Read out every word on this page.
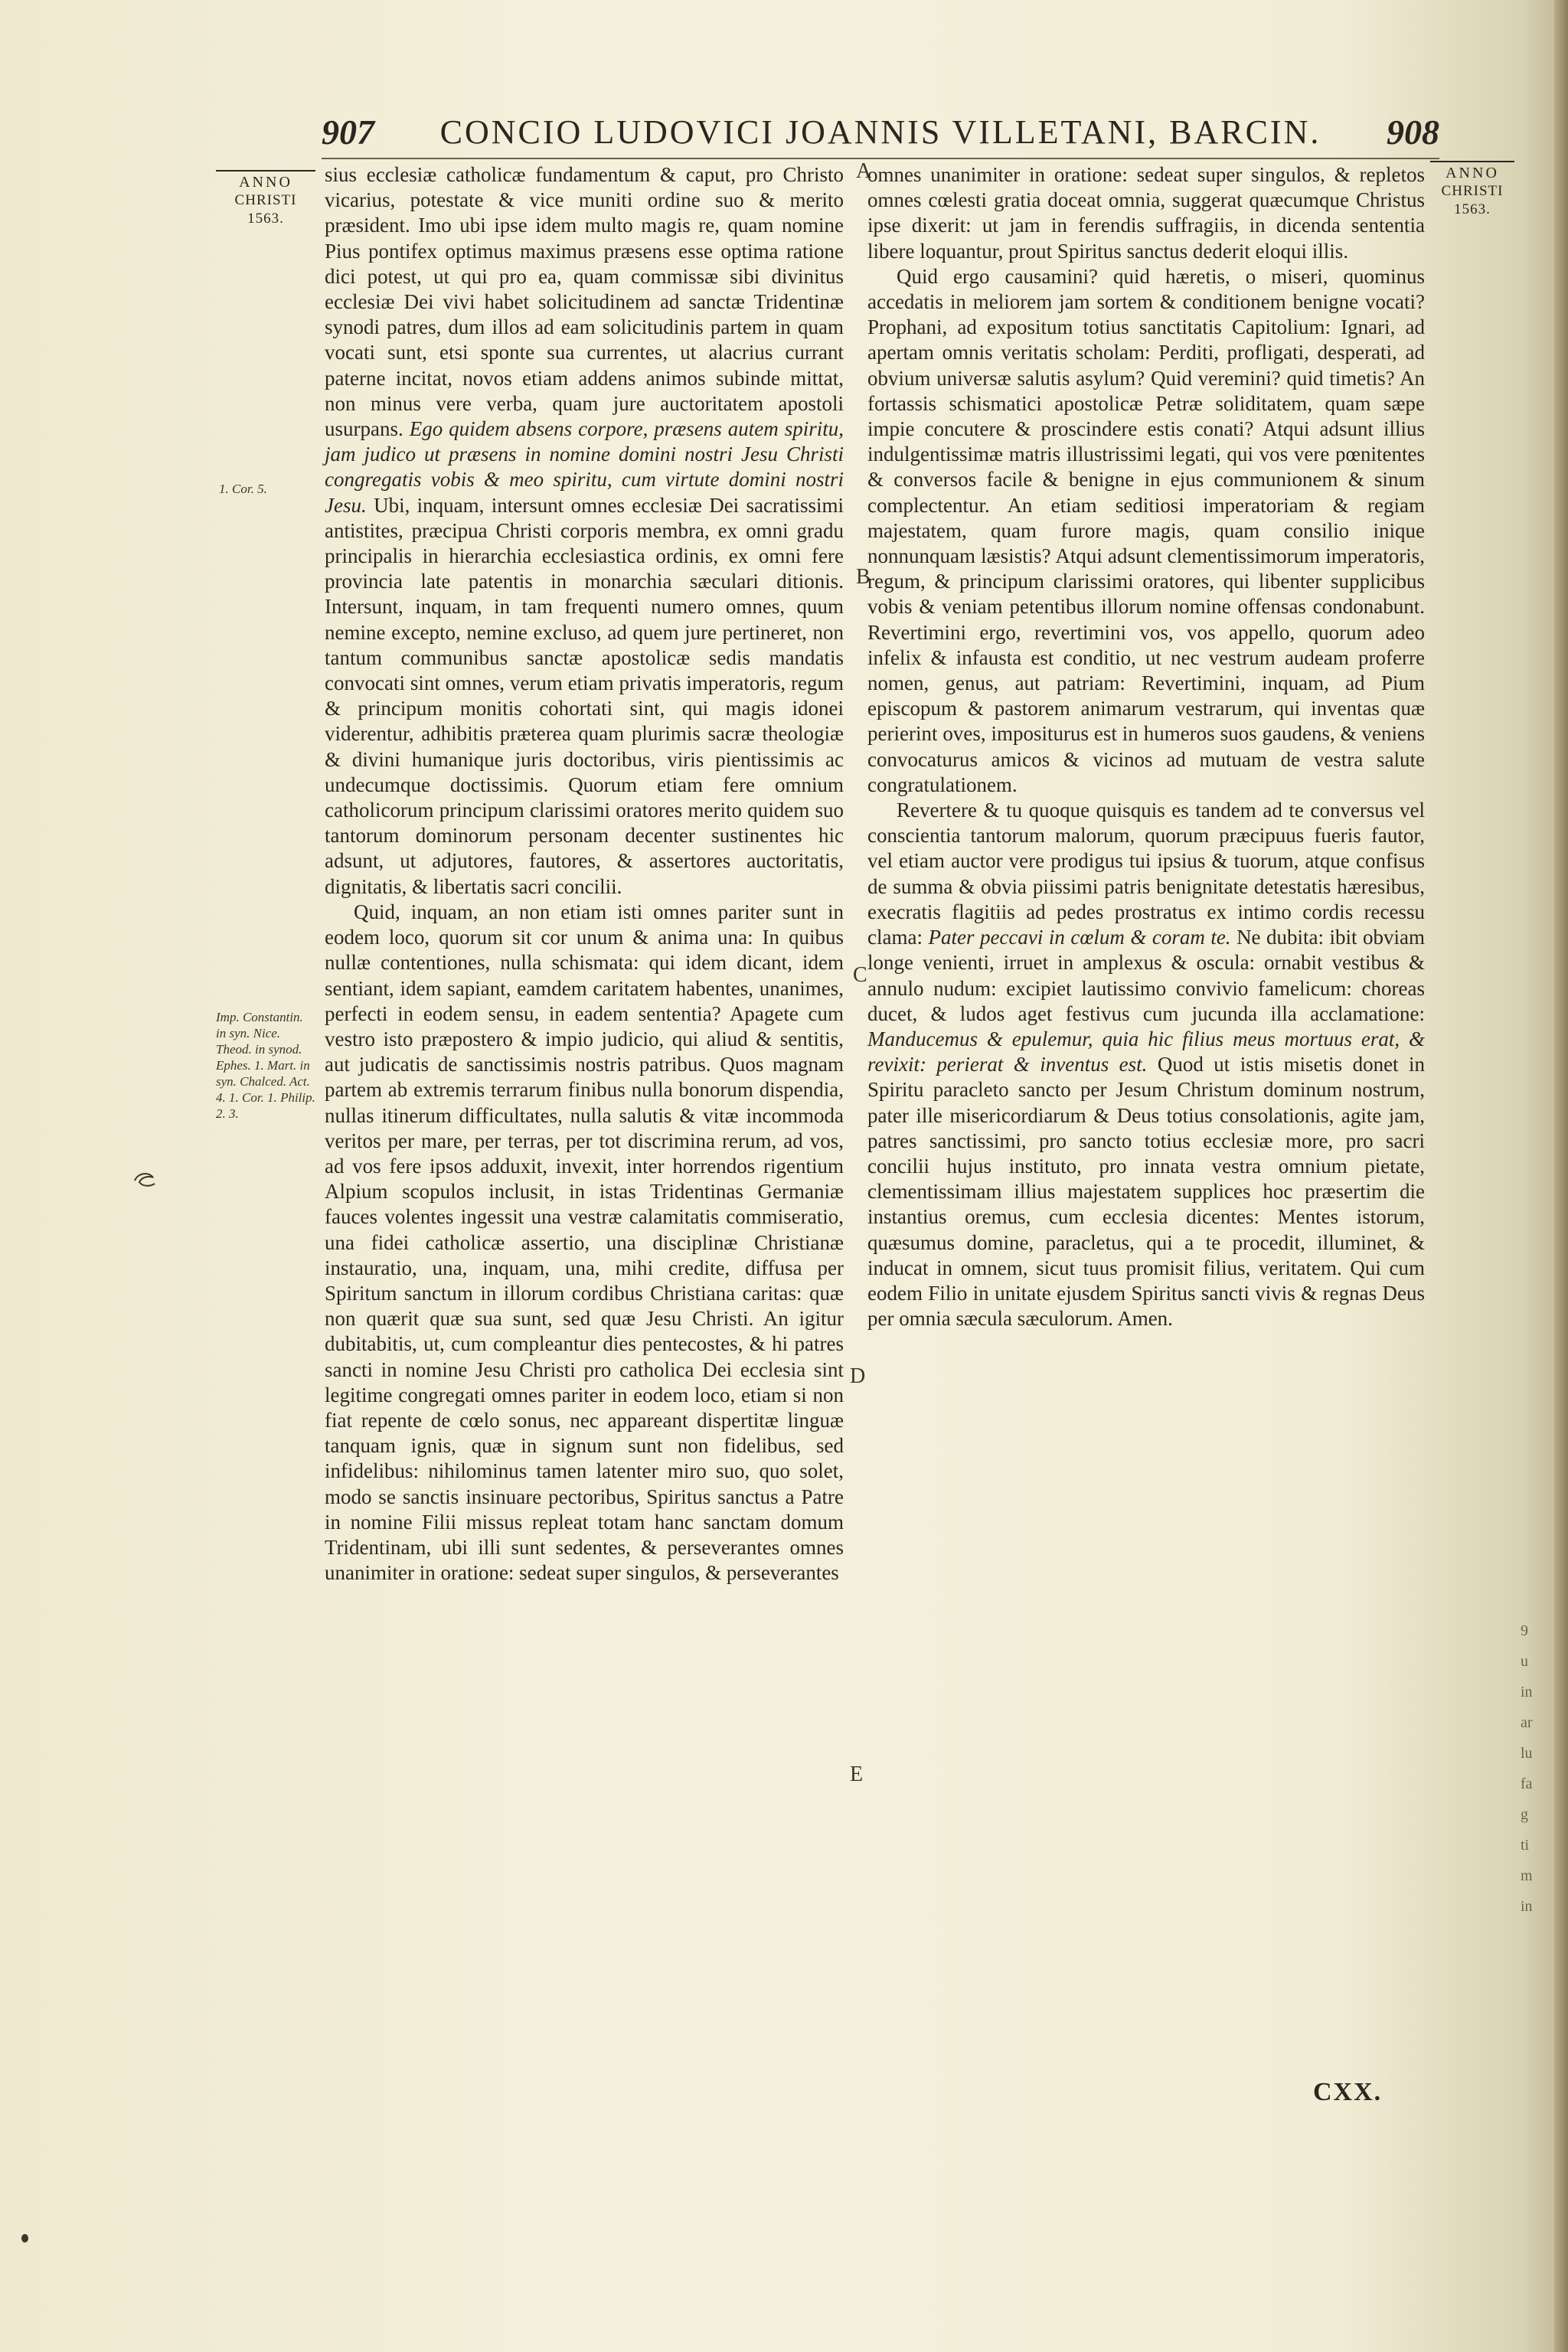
907 CONCIO LUDOVICI JOANNIS VILLETANI, BARCIN. 908
ANNO
CHRISTI
1563.
ANNO
CHRISTI
1563.
1. Cor. 5.
Imp. Constantin. in syn. Nice. Theod. in synod. Ephes. 1. Mart. in syn. Chalced. Act. 4. 1. Cor. 1. Philip. 2. 3.
A
B
C
D
E

sius ecclesiæ catholicæ fundamentum & caput, pro Christo vicarius, potestate & vice muniti ordine suo & merito præsident. Imo ubi ipse idem multo magis re, quam nomine Pius pontifex optimus maximus præsens esse optima ratione dici potest, ut qui pro ea, quam commissæ sibi divinitus ecclesiæ Dei vivi habet solicitudinem ad sanctæ Tridentinæ synodi patres, dum illos ad eam solicitudinis partem in quam vocati sunt, etsi sponte sua currentes, ut alacrius currant paterne incitat, novos etiam addens animos subinde mittat, non minus vere verba, quam jure auctoritatem apostoli usurpans. Ego quidem absens corpore, præsens autem spiritu, jam judico ut præsens in nomine domini nostri Jesu Christi congregatis vobis & meo spiritu, cum virtute domini nostri Jesu. Ubi, inquam, intersunt omnes ecclesiæ Dei sacratissimi antistites, præcipua Christi corporis membra, ex omni gradu principalis in hierarchia ecclesiastica ordinis, ex omni fere provincia late patentis in monarchia sæculari ditionis. Intersunt, inquam, in tam frequenti numero omnes, quum nemine excepto, nemine excluso, ad quem jure pertineret, non tantum communibus sanctæ apostolicæ sedis mandatis convocati sint omnes, verum etiam privatis imperatoris, regum & principum monitis cohortati sint, qui magis idonei viderentur, adhibitis præterea quam plurimis sacræ theologiæ & divini humanique juris doctoribus, viris pientissimis ac undecumque doctissimis. Quorum etiam fere omnium catholicorum principum clarissimi oratores merito quidem suo tantorum dominorum personam decenter sustinentes hic adsunt, ut adjutores, fautores, & assertores auctoritatis, dignitatis, & libertatis sacri concilii.

Quid, inquam, an non etiam isti omnes pariter sunt in eodem loco, quorum sit cor unum & anima una: In quibus nullæ contentiones, nulla schismata: qui idem dicant, idem sentiant, idem sapiant, eamdem caritatem habentes, unanimes, perfecti in eodem sensu, in eadem sententia? Apagete cum vestro isto præpostero & impio judicio, qui aliud & sentitis, aut judicatis de sanctissimis nostris patribus. Quos magnam partem ab extremis terrarum finibus nulla bonorum dispendia, nullas itinerum difficultates, nulla salutis & vitæ incommoda veritos per mare, per terras, per tot discrimina rerum, ad vos, ad vos fere ipsos adduxit, invexit, inter horrendos rigentium Alpium scopulos inclusit, in istas Tridentinas Germaniæ fauces volentes ingessit una vestræ calamitatis commiseratio, una fidei catholicæ assertio, una disciplinæ Christianæ instauratio, una, inquam, una, mihi credite, diffusa per Spiritum sanctum in illorum cordibus Christiana caritas: quæ non quærit quæ sua sunt, sed quæ Jesu Christi. An igitur dubitabitis, ut, cum compleantur dies pentecostes, & hi patres sancti in nomine Jesu Christi pro catholica Dei ecclesia sint legitime congregati omnes pariter in eodem loco, etiam si non fiat repente de cœlo sonus, nec appareant dispertitæ linguæ tanquam ignis, quæ in signum sunt non fidelibus, sed infidelibus: nihilominus tamen latenter miro suo, quo solet, modo se sanctis insinuare pectoribus, Spiritus sanctus a Patre in nomine Filii missus repleat totam hanc sanctam domum Tridentinam, ubi illi sunt sedentes, & perseverantes omnes unanimiter in oratione: sedeat super singulos, & perseverantes

omnes unanimiter in oratione: sedeat super singulos, & repletos omnes cœlesti gratia doceat omnia, suggerat quæcumque Christus ipse dixerit: ut jam in ferendis suffragiis, in dicenda sententia libere loquantur, prout Spiritus sanctus dederit eloqui illis.

Quid ergo causamini? quid hæretis, o miseri, quominus accedatis in meliorem jam sortem & conditionem benigne vocati? Prophani, ad expositum totius sanctitatis Capitolium: Ignari, ad apertam omnis veritatis scholam: Perditi, profligati, desperati, ad obvium universæ salutis asylum? Quid veremini? quid timetis? An fortassis schismatici apostolicæ Petræ soliditatem, quam sæpe impie concutere & proscindere estis conati? Atqui adsunt illius indulgentissimæ matris illustrissimi legati, qui vos vere pœnitentes & conversos facile & benigne in ejus communionem & sinum complectentur. An etiam seditiosi imperatoriam & regiam majestatem, quam furore magis, quam consilio inique nonnunquam læsistis? Atqui adsunt clementissimorum imperatoris, regum, & principum clarissimi oratores, qui libenter supplicibus vobis & veniam petentibus illorum nomine offensas condonabunt. Revertimini ergo, revertimini vos, vos appello, quorum adeo infelix & infausta est conditio, ut nec vestrum audeam proferre nomen, genus, aut patriam: Revertimini, inquam, ad Pium episcopum & pastorem animarum vestrarum, qui inventas quæ perierint oves, impositurus est in humeros suos gaudens, & veniens convocaturus amicos & vicinos ad mutuam de vestra salute congratulationem.

Revertere & tu quoque quisquis es tandem ad te conversus vel conscientia tantorum malorum, quorum præcipuus fueris fautor, vel etiam auctor vere prodigus tui ipsius & tuorum, atque confisus de summa & obvia piissimi patris benignitate detestatis hæresibus, execratis flagitiis ad pedes prostratus ex intimo cordis recessu clama: Pater peccavi in cœlum & coram te. Ne dubita: ibit obviam longe venienti, irruet in amplexus & oscula: ornabit vestibus & annulo nudum: excipiet lautissimo convivio famelicum: choreas ducet, & ludos aget festivus cum jucunda illa acclamatione: Manducemus & epulemur, quia hic filius meus mortuus erat, & revixit: perierat & inventus est. Quod ut istis misetis donet in Spiritu paracleto sancto per Jesum Christum dominum nostrum, pater ille misericordiarum & Deus totius consolationis, agite jam, patres sanctissimi, pro sancto totius ecclesiæ more, pro sacri concilii hujus instituto, pro innata vestra omnium pietate, clementissimam illius majestatem supplices hoc præsertim die instantius oremus, cum ecclesia dicentes: Mentes istorum, quæsumus domine, paracletus, qui a te procedit, illuminet, & inducat in omnem, sicut tuus promisit filius, veritatem. Qui cum eodem Filio in unitate ejusdem Spiritus sancti vivis & regnas Deus per omnia sæcula sæculorum. Amen.

CXX.
9
u
in
ar
lu
fa
g
ti
m
in
